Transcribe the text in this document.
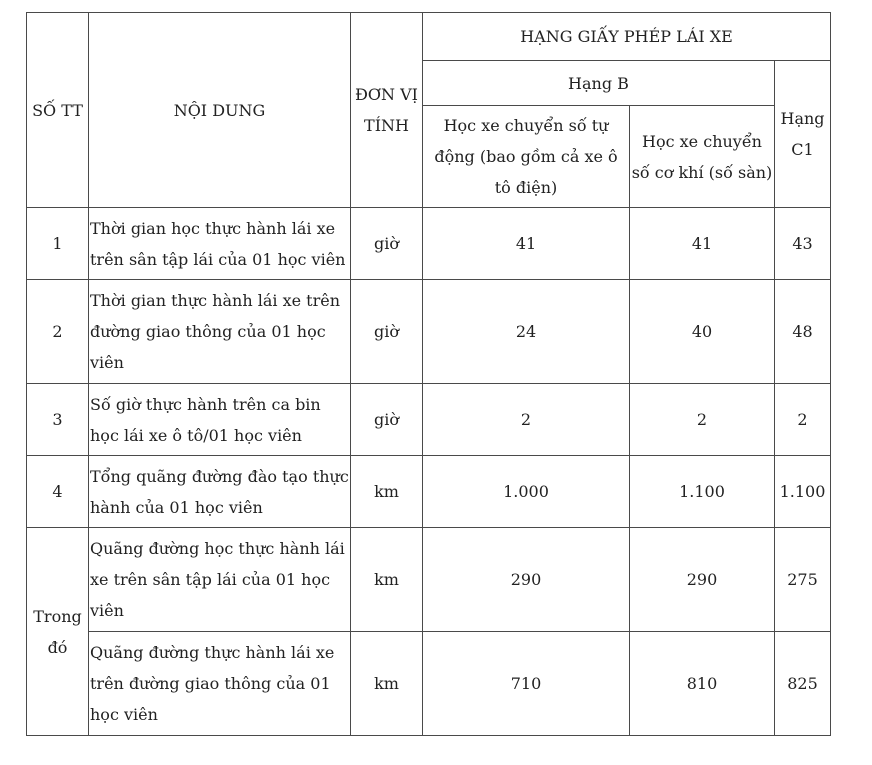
SỐ TT	NỘI DUNG	ĐƠN VỊ TÍNH	HẠNG GIẤY PHÉP LÁI XE		
			Hạng B		Hạng C1
			Học xe chuyển số tự động (bao gồm cả xe ô tô điện)	Học xe chuyển số cơ khí (số sàn)	
1	Thời gian học thực hành lái xe trên sân tập lái của 01 học viên	giờ	41	41	43
2	Thời gian thực hành lái xe trên đường giao thông của 01 học viên	giờ	24	40	48
3	Số giờ thực hành trên ca bin học lái xe ô tô/01 học viên	giờ	2	2	2
4	Tổng quãng đường đào tạo thực hành của 01 học viên	km	1.000	1.100	1.100
Trong đó	Quãng đường học thực hành lái xe trên sân tập lái của 01 học viên	km	290	290	275
	Quãng đường thực hành lái xe trên đường giao thông của 01 học viên	km	710	810	825
